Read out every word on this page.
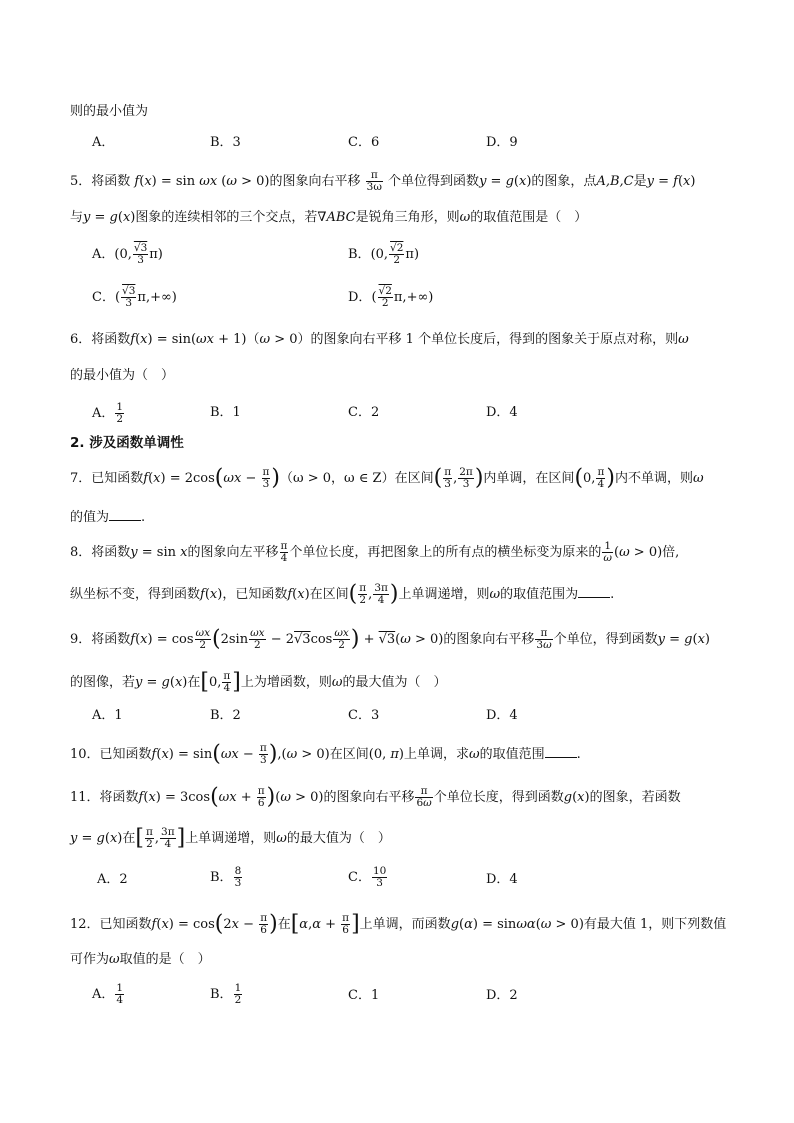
则的最小值为
A．	B．3	C．6	D．9
5．将函数 f(x) = sin ωx (ω > 0)的图象向右平移 $\frac{\pi}{3\omega}$ 个单位得到函数y = g(x)的图象，点A,B,C是y = f(x)
与y = g(x)图象的连续相邻的三个交点，若∇ABC是锐角三角形，则ω的取值范围是（　）
A．(0, $\frac{√3}{3} \pi$)	B．(0, $\frac{√2}{2} \pi$)
C．( $\frac{√3}{3} \pi,+\infty$)	D．( $\frac{√2}{2} \pi,+\infty$)
6．将函数f(x) = sin(ωx + 1)（ω > 0）的图象向右平移 1 个单位长度后，得到的图象关于原点对称，则ω
的最小值为（　）
A． $\frac{1}{2}$	B．1	C．2	D．4
2. 涉及函数单调性
7．已知函数$f(x) = 2\cos(\omega x - \frac{\pi}{3} )(\omega > 0$，ω ∈ Z）在区间( $\frac{\pi}{3}$ , $\frac{2\pi}{3}$ )内单调，在区间(0, $\frac{\pi}{4}$ )内不单调，则ω
的值为 .
8．将函数y = sin x的图象向左平移 $\frac{\pi}{4}$ 个单位长度，再把图象上的所有点的横坐标变为原来的 $\frac{1}{\omega} (\omega > 0)$倍,
纵坐标不变，得到函数f(x)，已知函数f(x)在区间( $\frac{\pi}{2}$ , $\frac{3\pi}{4}$ )上单调递增，则ω的取值范围为 .
9．将函数$f(x) = \cos \frac{\omega x}{2} (2\sin \frac{\omega x}{2} - 2√3\cos \frac{\omega x}{2}$ ) + √3(ω > 0)的图象向右平移 $\frac{\pi}{3\omega}$ 个单位，得到函数y = g(x)
的图像，若y = g(x)在[0, $\frac{\pi}{4}$ ]上为增函数，则ω的最大值为（　）
A．1	B．2	C．3	D．4
10．已知函数$f(x) = \sin(\omega x - \frac{\pi}{3} ),(\omega > 0)$在区间(0, π)上单调，求ω的取值范围 .
11．将函数$f(x) = 3\cos(\omega x + \frac{\pi}{6} )(\omega > 0)$的图象向右平移 $\frac{\pi}{6\omega}$ 个单位长度，得到函数g(x)的图象，若函数
y = g(x)在[ $\frac{\pi}{2}$ , $\frac{3\pi}{4}$ ]上单调递增，则ω的最大值为（　）
A．2	B． $\frac{8}{3}$	C． $\frac{10}{3}$	D．4
12．已知函数$f(x) = \cos(2x - \frac{\pi}{6}$ )在[$\alpha,\alpha + \frac{\pi}{6}$ ]上单调，而函数g(α) = sinωα(ω > 0)有最大值 1，则下列数值
可作为ω取值的是（　）
A． $\frac{1}{4}$	B． $\frac{1}{2}$	C．1	D．2
